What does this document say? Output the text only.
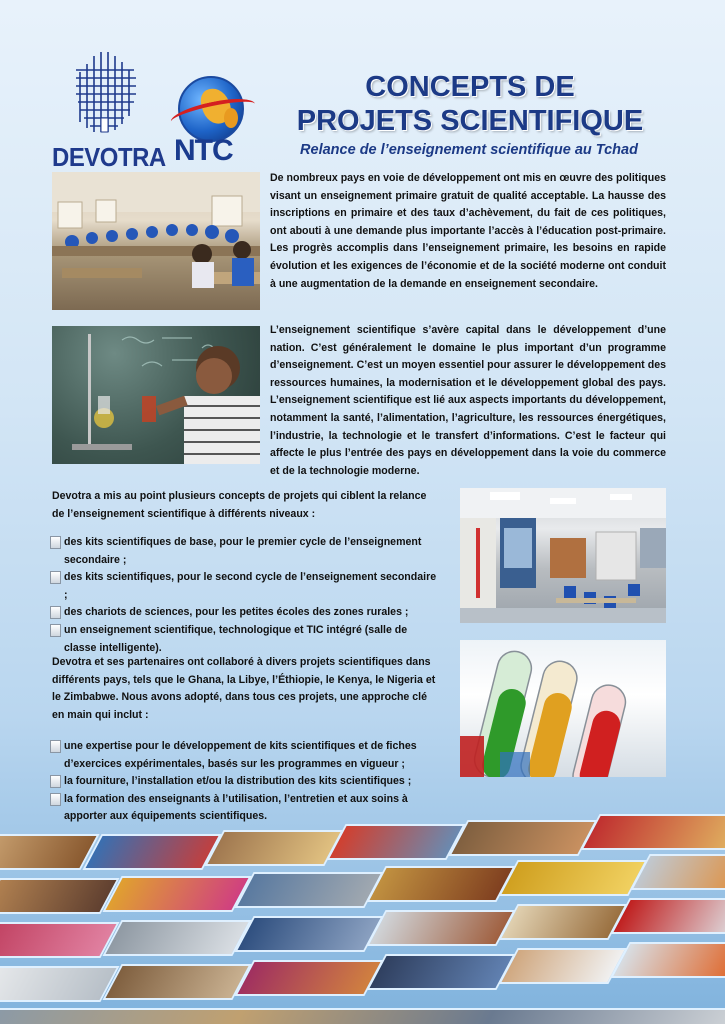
DEVOTRA NTC
CONCEPTS DE
PROJETS SCIENTIFIQUE
Relance de l’enseignement scientifique au Tchad

De nombreux pays en voie de développement ont mis en œuvre des politiques visant un enseignement primaire gratuit de qualité acceptable. La hausse des inscriptions en primaire et des taux d’achèvement, du fait de ces politiques, ont abouti à une demande plus importante l’accès à l’éducation post-primaire. Les progrès accomplis dans l’enseignement primaire, les besoins en rapide évolution et les exigences de l’économie et de la société moderne ont conduit à une augmentation de la demande en enseignement secondaire.

L’enseignement scientifique s’avère capital dans le développement d’une nation. C’est généralement le domaine le plus important d’un programme d’enseignement. C’est un moyen essentiel pour assurer le développement des ressources humaines, la modernisation et le développement global des pays. L’enseignement scientifique est lié aux aspects importants du développement, notamment la santé, l’alimentation, l’agriculture, les ressources énergétiques, l’industrie, la technologie et le transfert d’informations. C’est le facteur qui affecte le plus l’entrée des pays en développement dans la voie du commerce et de la technologie moderne.

Devotra a mis au point plusieurs concepts de projets qui ciblent la relance de l’enseignement scientifique à différents niveaux :

des kits scientifiques de base, pour le premier cycle de l’enseignement secondaire ;
des kits scientifiques, pour le second cycle de l’enseignement secondaire ;
des chariots de sciences, pour les petites écoles des zones rurales ;
un enseignement scientifique, technologique et TIC intégré (salle de classe intelligente).

Devotra et ses partenaires ont collaboré à divers projets scientifiques dans différents pays, tels que le Ghana, la Libye, l’Éthiopie, le Kenya, le Nigeria et le Zimbabwe. Nous avons adopté, dans tous ces projets, une approche clé en main qui inclut :

une expertise pour le développement de kits scientifiques et de fiches d’exercices expérimentales, basés sur les programmes en vigueur ;
la fourniture, l’installation et/ou la distribution des kits scientifiques ;
la formation des enseignants à l’utilisation, l’entretien et aux soins à apporter aux équipements scientifiques.
